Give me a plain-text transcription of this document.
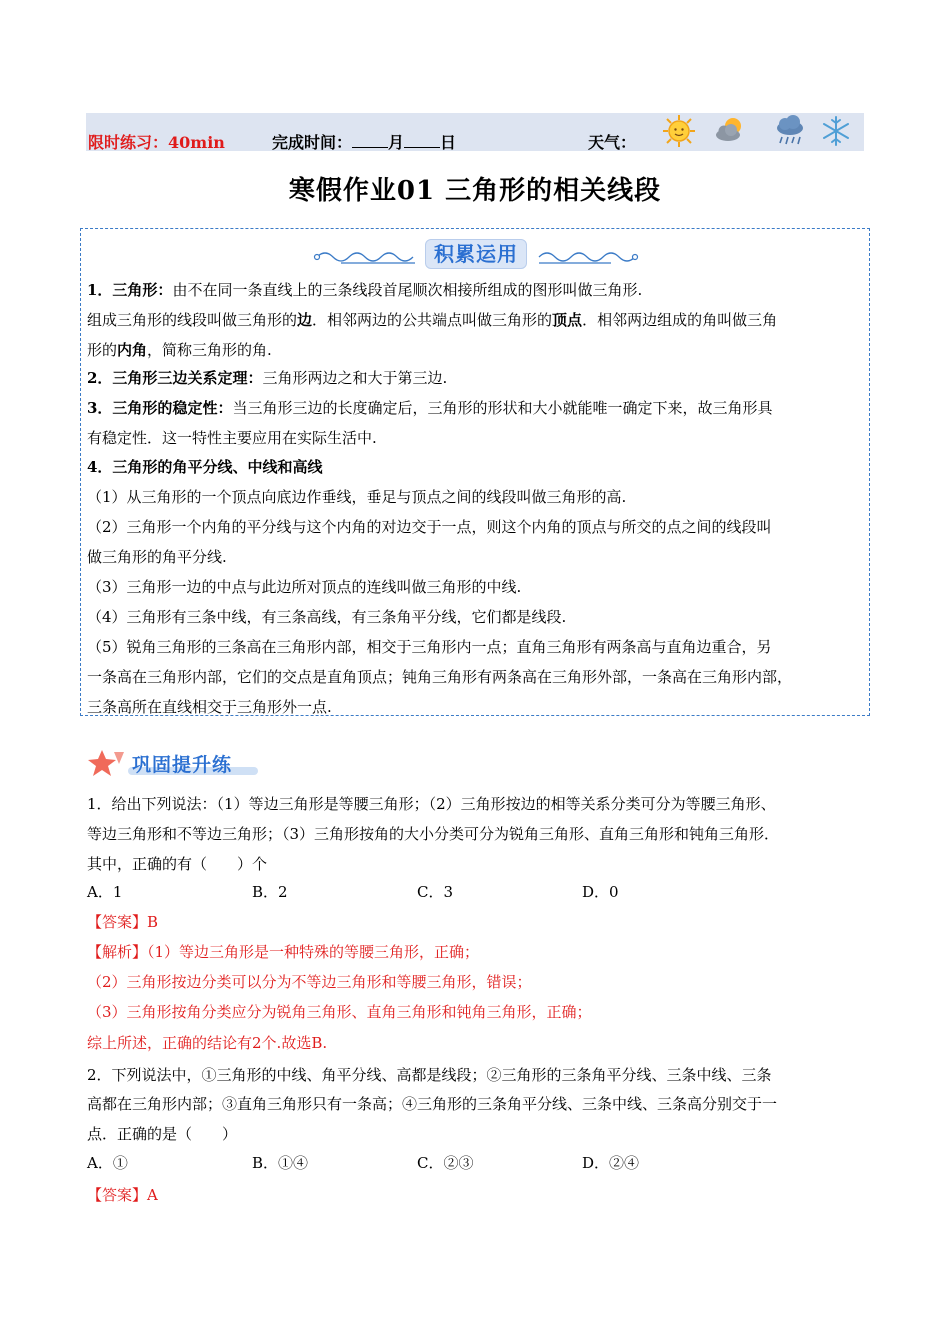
限时练习：40min	完成时间： 月 日	天气：
寒假作业01 三角形的相关线段
积累运用
1．三角形：由不在同一条直线上的三条线段首尾顺次相接所组成的图形叫做三角形.
组成三角形的线段叫做三角形的边．相邻两边的公共端点叫做三角形的顶点．相邻两边组成的角叫做三角
形的内角，简称三角形的角.
2．三角形三边关系定理：三角形两边之和大于第三边.
3．三角形的稳定性：当三角形三边的长度确定后，三角形的形状和大小就能唯一确定下来，故三角形具
有稳定性．这一特性主要应用在实际生活中.
4．三角形的角平分线、中线和高线
（1）从三角形的一个顶点向底边作垂线，垂足与顶点之间的线段叫做三角形的高.
（2）三角形一个内角的平分线与这个内角的对边交于一点，则这个内角的顶点与所交的点之间的线段叫
做三角形的角平分线.
（3）三角形一边的中点与此边所对顶点的连线叫做三角形的中线.
（4）三角形有三条中线，有三条高线，有三条角平分线，它们都是线段.
（5）锐角三角形的三条高在三角形内部，相交于三角形内一点；直角三角形有两条高与直角边重合，另
一条高在三角形内部，它们的交点是直角顶点；钝角三角形有两条高在三角形外部，一条高在三角形内部，
三条高所在直线相交于三角形外一点.
巩固提升练
1．给出下列说法：（1）等边三角形是等腰三角形；（2）三角形按边的相等关系分类可分为等腰三角形、
等边三角形和不等边三角形；（3）三角形按角的大小分类可分为锐角三角形、直角三角形和钝角三角形．
其中，正确的有（　　）个
A．1	B．2	C．3	D．0
【答案】B
【解析】（1）等边三角形是一种特殊的等腰三角形，正确；
（2）三角形按边分类可以分为不等边三角形和等腰三角形，错误；
（3）三角形按角分类应分为锐角三角形、直角三角形和钝角三角形，正确；
综上所述，正确的结论有2个.故选B.
2．下列说法中，①三角形的中线、角平分线、高都是线段；②三角形的三条角平分线、三条中线、三条
高都在三角形内部；③直角三角形只有一条高；④三角形的三条角平分线、三条中线、三条高分别交于一
点．正确的是（　　）
A．①	B．①④	C．②③	D．②④
【答案】A
